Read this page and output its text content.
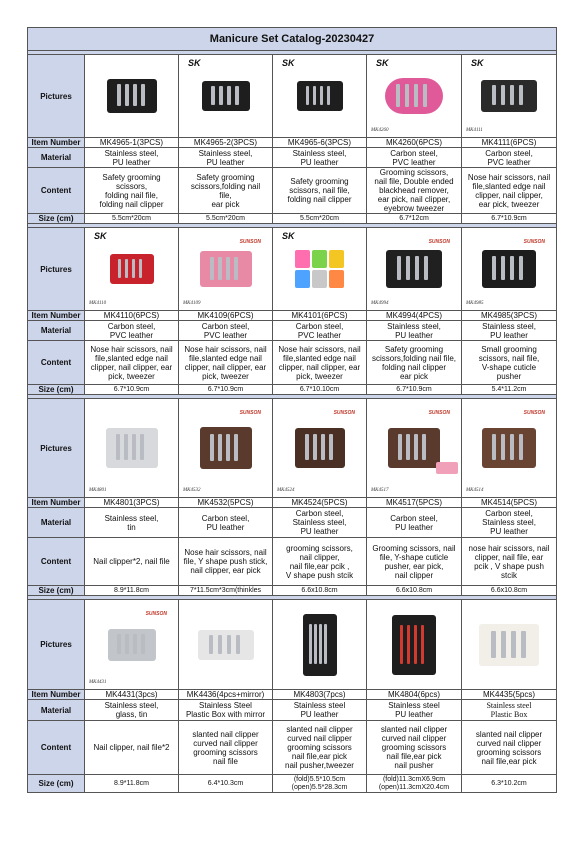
Manicure Set Catalog-20230427					

Pictures		SK	SK	SK
MK4260	SK
MK4111

Item Number	MK4965-1(3PCS)	MK4965-2(3PCS)	MK4965-6(3PCS)	MK4260(6PCS)	MK4111(6PCS)
Material	Stainless steel,
PU leather	Stainless steel,
PU leather	Stainless steel,
PU leather	Carbon steel,
PVC leather	Carbon steel,
PVC leather
Content	Safety grooming
scissors,
folding nail file,
folding nail clipper	Safety grooming
scissors,folding nail
file,
ear pick	Safety grooming
scissors, nail file,
folding nail clipper	Grooming scissors,
nail file, Double ended
blackhead remover,
ear pick, nail clipper,
eyebrow tweezer	Nose hair scissors, nail
file,slanted edge nail
clipper, nail clipper,
ear pick, tweezer
Size (cm)	5.5cm*20cm	5.5cm*20cm	5.5cm*20cm	6.7*12cm	6.7*10.9cm

Pictures	SK
MK4110	SUNSON
MK4109	SK	SUNSON
MK4994	SUNSON
MK4985

Item Number	MK4110(6PCS)	MK4109(6PCS)	MK4101(6PCS)	MK4994(4PCS)	MK4985(3PCS)
Material	Carbon steel,
PVC leather	Carbon steel,
PVC leather	Carbon steel,
PVC leather	Stainless steel,
PU leather	Stainless steel,
PU leather
Content	Nose hair scissors, nail
file,slanted edge nail
clipper, nail clipper, ear
pick, tweezer	Nose hair scissors, nail
file,slanted edge nail
clipper, nail clipper, ear
pick, tweezer	Nose hair scissors, nail
file,slanted edge nail
clipper, nail clipper, ear
pick, tweezer	Safety grooming
scissors,folding nail file,
folding nail clipper
ear pick	Small grooming
scissors, nail file,
V-shape cuticle
pusher
Size (cm)	6.7*10.9cm	6.7*10.9cm	6.7*10.10cm	6.7*10.9cm	5.4*11.2cm

Pictures	MK4801	SUNSON
MK4532	SUNSON
MK4524	SUNSON
MK4517	SUNSON
MK4514

Item Number	MK4801(3PCS)	MK4532(5PCS)	MK4524(5PCS)	MK4517(5PCS)	MK4514(5PCS)
Material	Stainless steel,
tin	Carbon steel,
PU leather	Carbon steel,
Stainless steel,
PU leather	Carbon steel,
PU leather	Carbon steel,
Stainless steel,
PU leather
Content	Nail clipper*2, nail file	Nose hair scissors, nail
file, Y shape push stick,
nail clipper, ear pick	grooming scissors,
nail clipper,
nail file,ear pcik ,
V shape push stcik	Grooming scissors, nail
file, Y-shape cuticle
pusher, ear pick,
nail clipper	nose hair scissors, nail
clipper, nail file, ear
pcik , V shape push
stcik
Size (cm)	8.9*11.8cm	7*11.5cm*3cm(thinkles	6.6x10.8cm	6.6x10.8cm	6.6x10.8cm

Pictures	SUNSON
MK4431				

Item Number	MK4431(3pcs)	MK4436(4pcs+mirror)	MK4803(7pcs)	MK4804(6pcs)	MK4435(5pcs)
Material	Stainless steel,
glass, tin	Stainless Steel
Plastic Box with mirror	Stainless steel
PU leather	Stainless steel
PU leather	Stainless steel
Plastic Box
Content	Nail clipper, nail file*2	slanted nail clipper
curved nail clipper
grooming scissors
nail file	slanted nail clipper
curved nail clipper
grooming scissors
nail file,ear pick
nail pusher,tweezer	slanted nail clipper
curved nail clipper
grooming scissors
nail file,ear pick
nail pusher	slanted nail clipper
curved nail clipper
grooming scissors
nail file,ear pick
Size (cm)	8.9*11.8cm	6.4*10.3cm	(fold)5.5*10.5cm
(open)5.5*28.3cm	(fold)11.3cmX6.9cm
(open)11.3cmX20.4cm	6.3*10.2cm
